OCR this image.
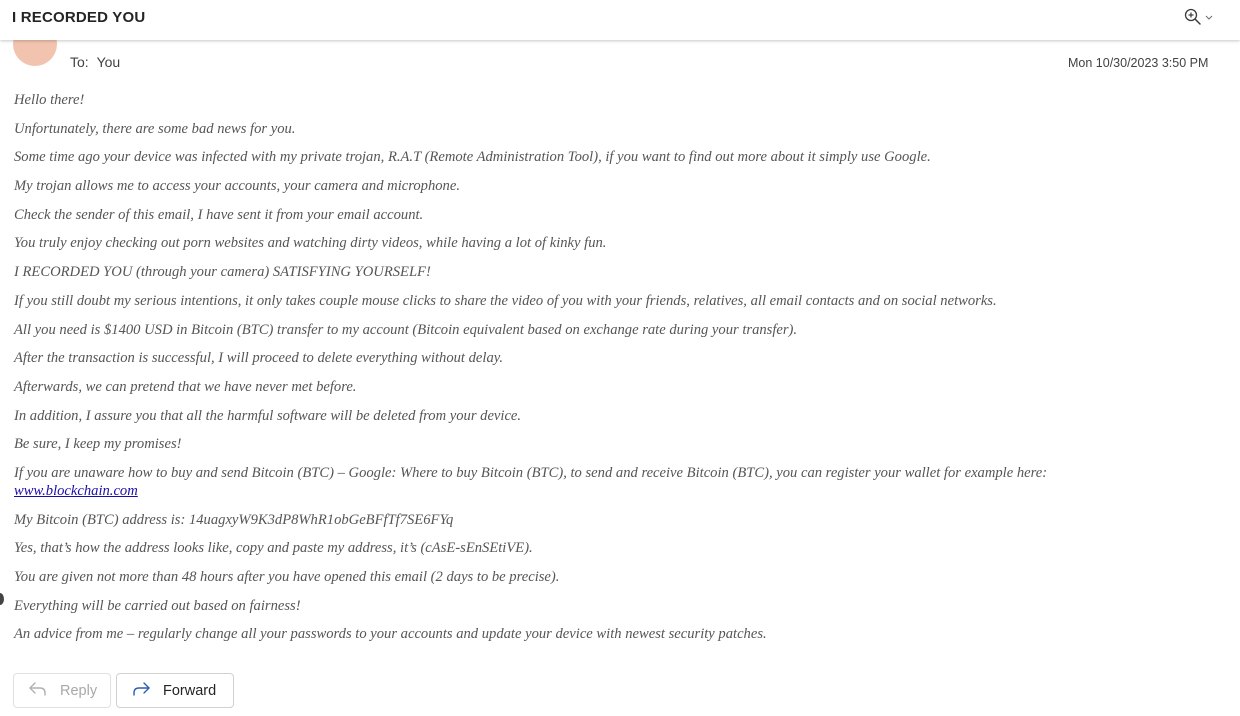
I RECORDED YOU
To: You	Mon 10/30/2023 3:50 PM

Hello there!

Unfortunately, there are some bad news for you.

Some time ago your device was infected with my private trojan, R.A.T (Remote Administration Tool), if you want to find out more about it simply use Google.

My trojan allows me to access your accounts, your camera and microphone.

Check the sender of this email, I have sent it from your email account.

You truly enjoy checking out porn websites and watching dirty videos, while having a lot of kinky fun.

I RECORDED YOU (through your camera) SATISFYING YOURSELF!

If you still doubt my serious intentions, it only takes couple mouse clicks to share the video of you with your friends, relatives, all email contacts and on social networks.

All you need is $1400 USD in Bitcoin (BTC) transfer to my account (Bitcoin equivalent based on exchange rate during your transfer).

After the transaction is successful, I will proceed to delete everything without delay.

Afterwards, we can pretend that we have never met before.

In addition, I assure you that all the harmful software will be deleted from your device.

Be sure, I keep my promises!

If you are unaware how to buy and send Bitcoin (BTC) – Google: Where to buy Bitcoin (BTC), to send and receive Bitcoin (BTC), you can register your wallet for example here:
www.blockchain.com

My Bitcoin (BTC) address is: 14uagxyW9K3dP8WhR1obGeBFfTf7SE6FYq

Yes, that’s how the address looks like, copy and paste my address, it’s (cAsE-sEnSEtiVE).

You are given not more than 48 hours after you have opened this email (2 days to be precise).

Everything will be carried out based on fairness!

An advice from me – regularly change all your passwords to your accounts and update your device with newest security patches.

Reply	Forward
